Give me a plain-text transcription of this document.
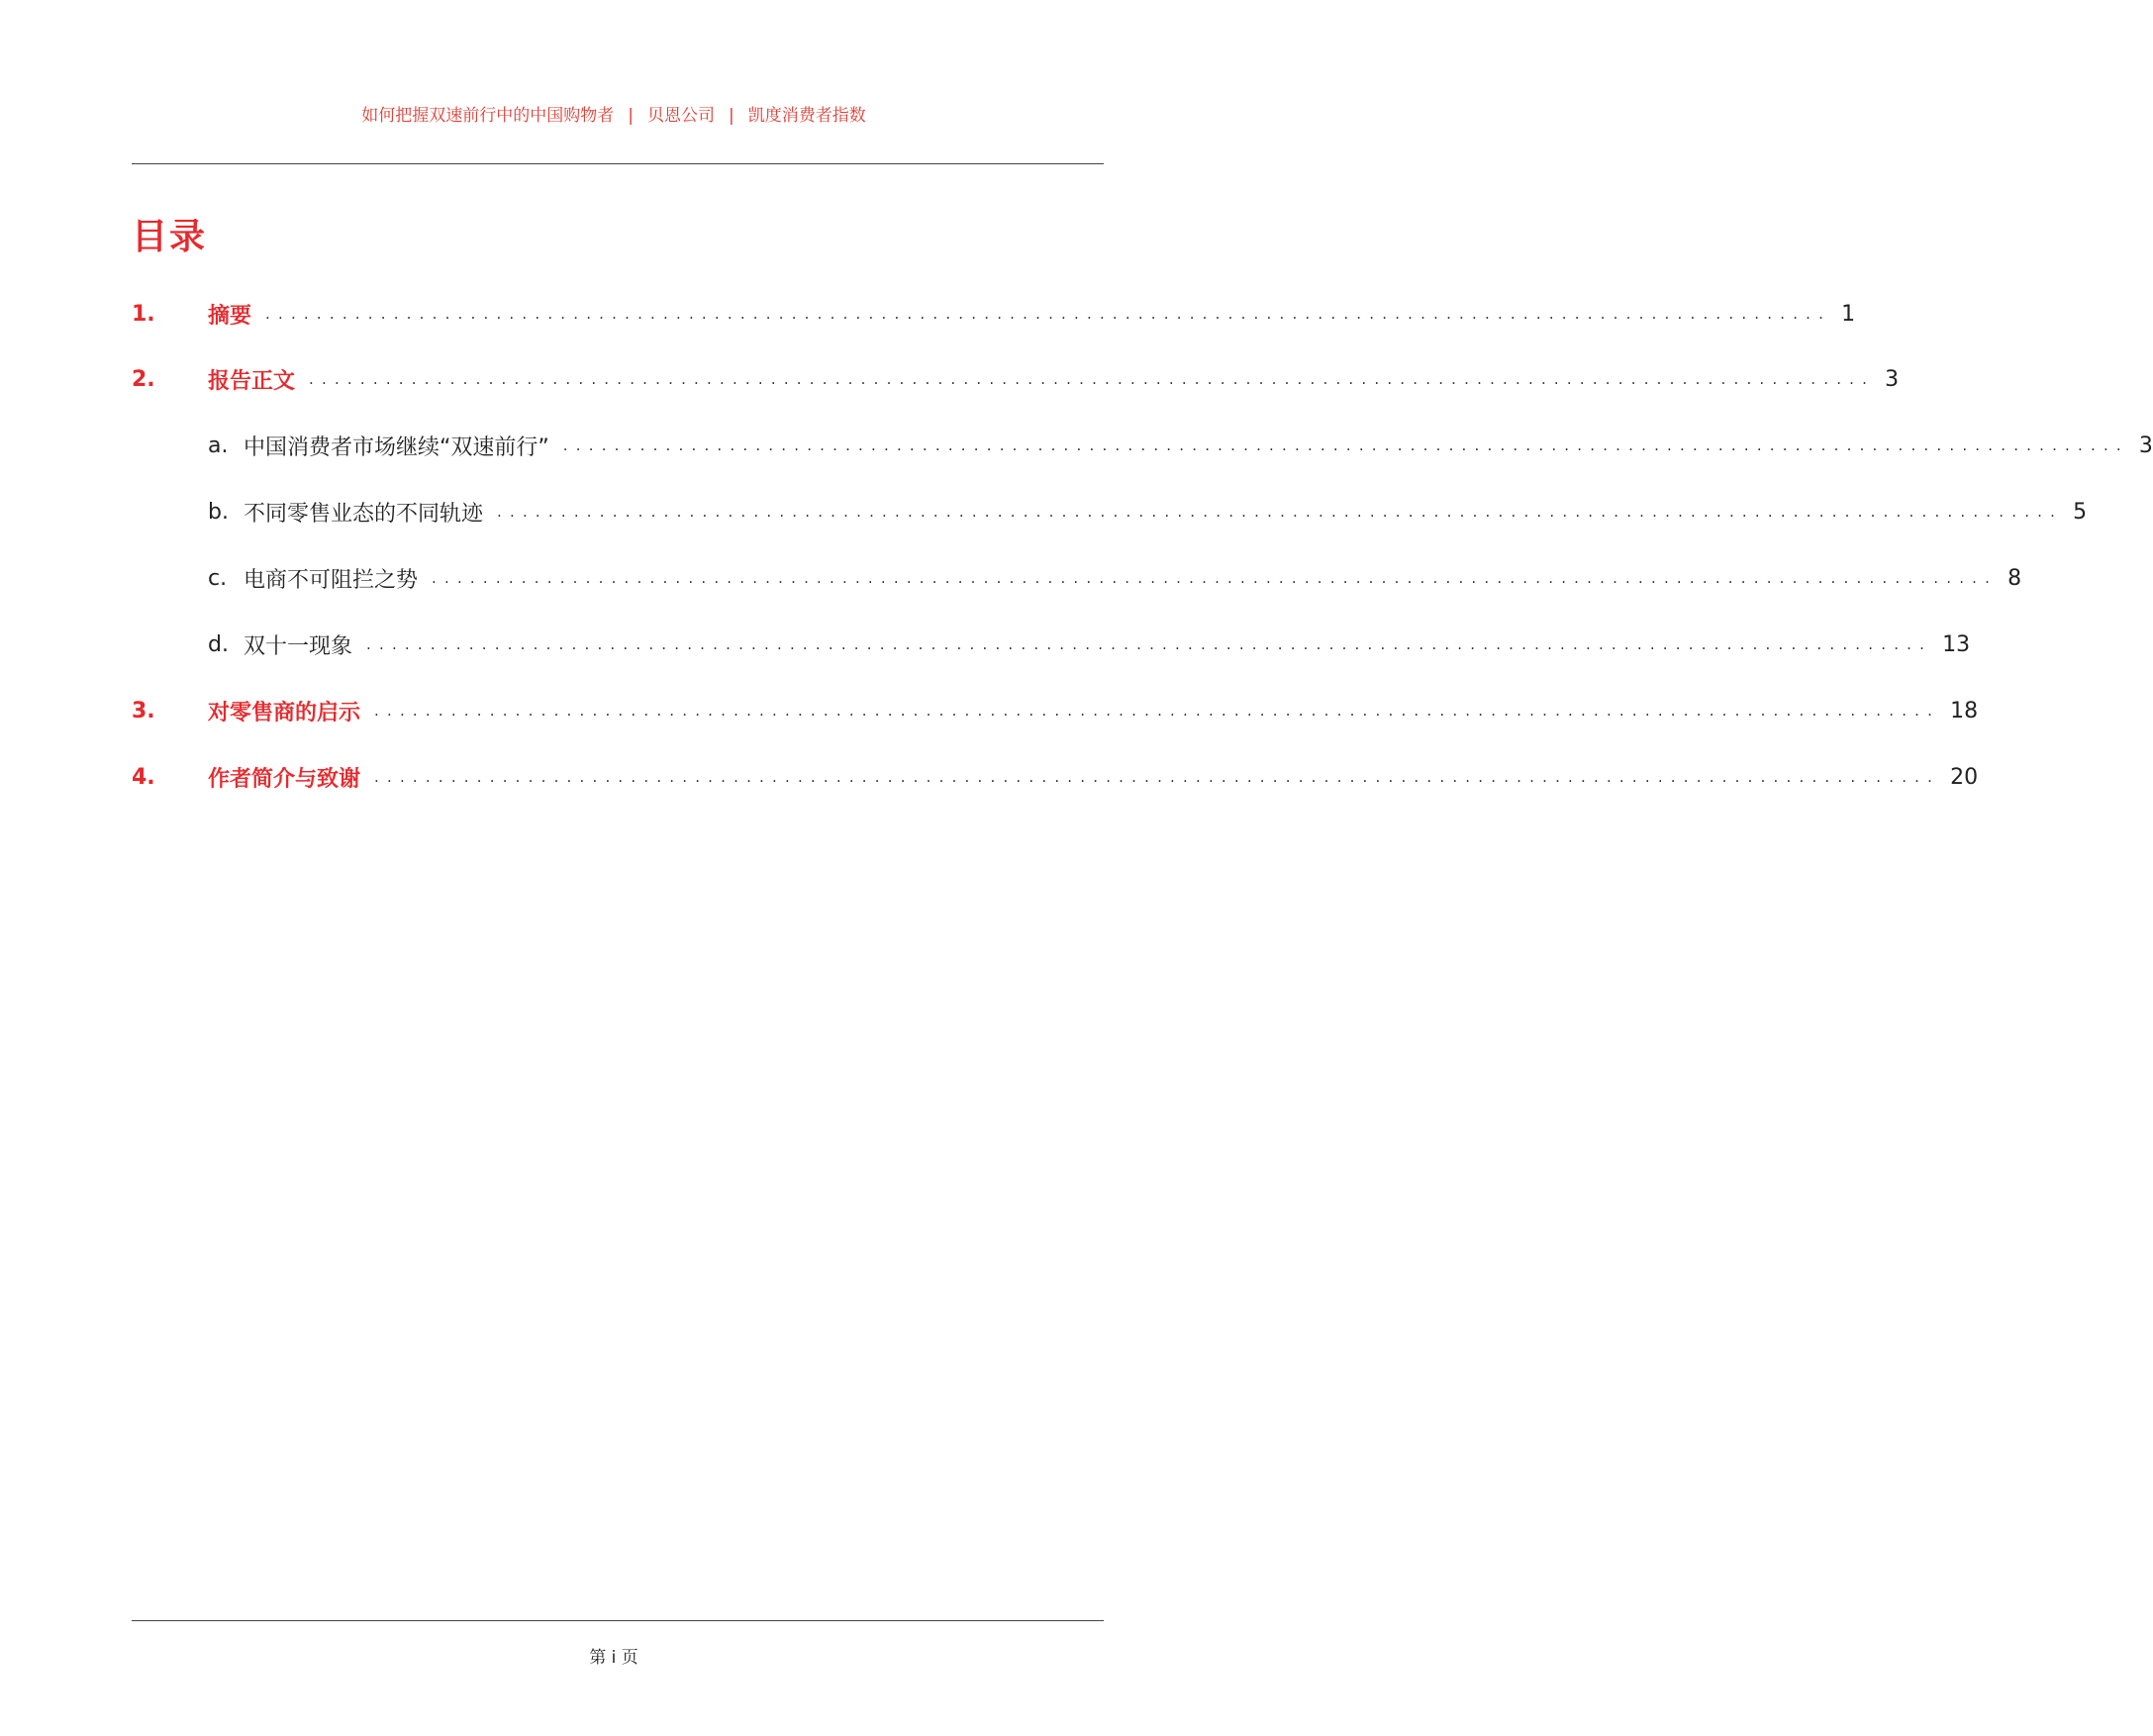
如何把握双速前行中的中国购物者 | 贝恩公司 | 凯度消费者指数
目录
1.	摘要 .......................................................................................................................... 1
2.	报告正文 .......................................................................................................................... 3
a. 中国消费者市场继续“双速前行” .......................................................................................................................... 3
b. 不同零售业态的不同轨迹 .......................................................................................................................... 5
c. 电商不可阻拦之势 .......................................................................................................................... 8
d. 双十一现象 .......................................................................................................................... 13
3.	对零售商的启示 .......................................................................................................................... 18
4.	作者简介与致谢 .......................................................................................................................... 20
第 i 页
